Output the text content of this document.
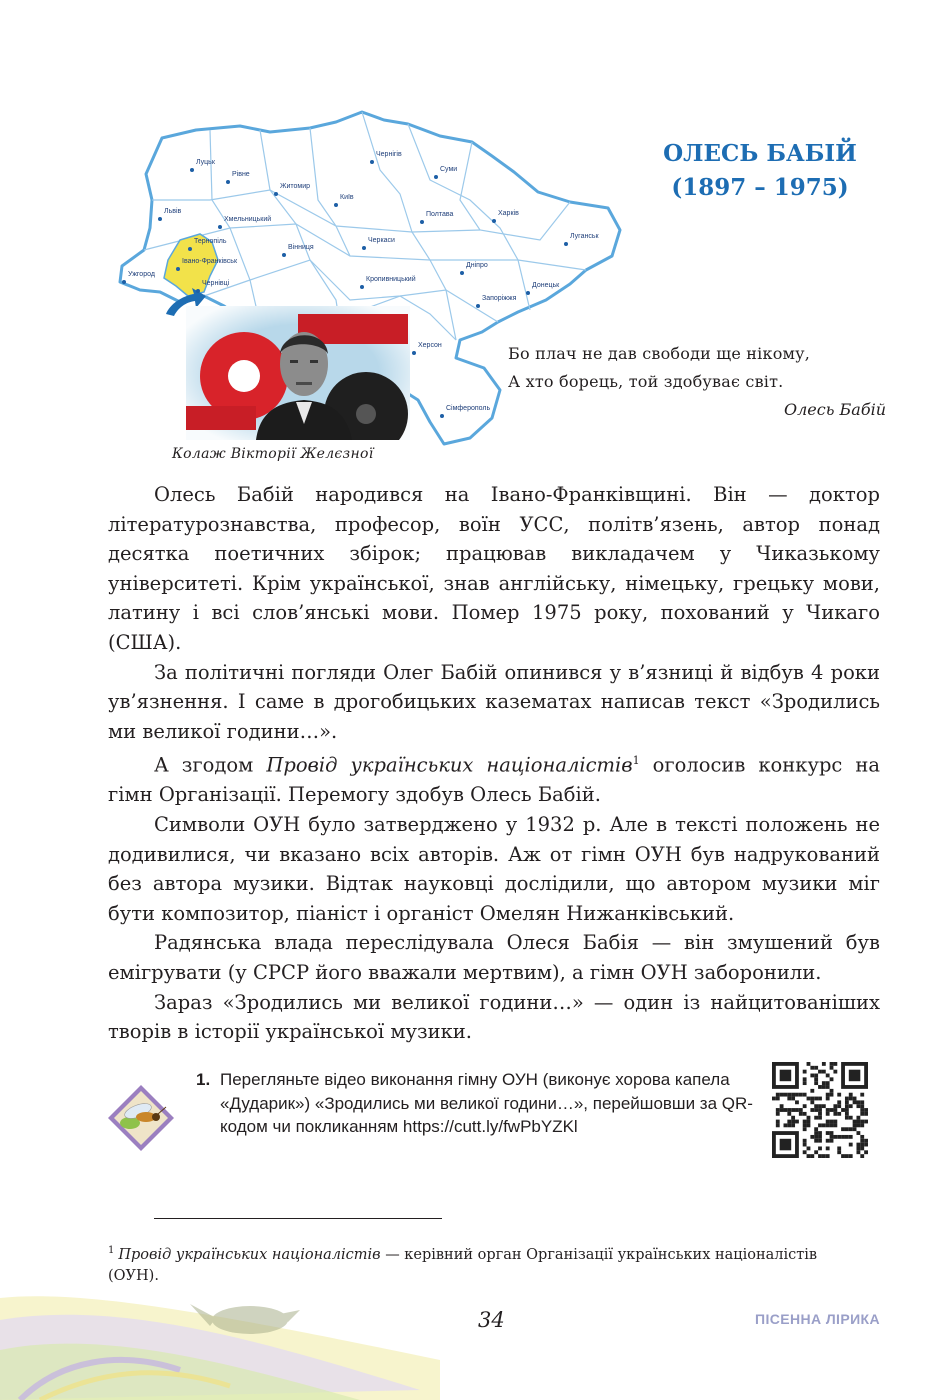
Луцьк
Рівне
Чернігів
Суми
Житомир
Київ
Львів
Хмельницький
Полтава	Харків
Тернопіль
Вінниця
Черкаси
Луганськ
Ужгород
Івано-Франківськ
Чернівці
Кропивницький
Дніпро
Донецьк
Запоріжжя
Херсон
Сімферополь
Колаж Вікторії Желєзної
ОЛЕСЬ БАБІЙ
(1897 – 1975)
Бо плач не дав свободи ще нікому,
А хто борець, той здобуває світ.
Олесь Бабій

Олесь Бабій народився на Івано-Франківщині. Він — доктор літературознавства, професор, воїн УСС, політв’язень, автор понад десятка поетичних збірок; працював викладачем у Чиказькому університеті. Крім української, знав англійську, німецьку, грецьку мови, латину і всі слов’янські мови. Помер 1975 року, похований у Чикаго (США).

За політичні погляди Олег Бабій опинився у в’язниці й відбув 4 роки ув’язнення. І саме в дрогобицьких казематах написав текст «Зродились ми великої години…».

А згодом Провід українських націоналістів$^1$ оголосив конкурс на гімн Організації. Перемогу здобув Олесь Бабій.

Символи ОУН було затверджено у 1932 р. Але в тексті положень не додивилися, чи вказано всіх авторів. Аж от гімн ОУН був надрукований без автора музики. Відтак науковці дослідили, що автором музики міг бути композитор, піаніст і органіст Омелян Нижанківський.

Радянська влада переслідувала Олеся Бабія — він змушений був емігрувати (у СРСР його вважали мертвим), а гімн ОУН заборонили.

Зараз «Зродились ми великої години…» — один із найцитованіших творів в історії української музики.

1. Перегляньте відео виконання гімну ОУН (виконує хорова капела «Дударик») «Зродились ми великої години…», перейшовши за QR-кодом чи покликанням https://cutt.ly/fwPbYZKl
$^1$ Провід українських націоналістів — керівний орган Організації українських націоналістів (ОУН).
34	ПІСЕННА ЛІРИКА
